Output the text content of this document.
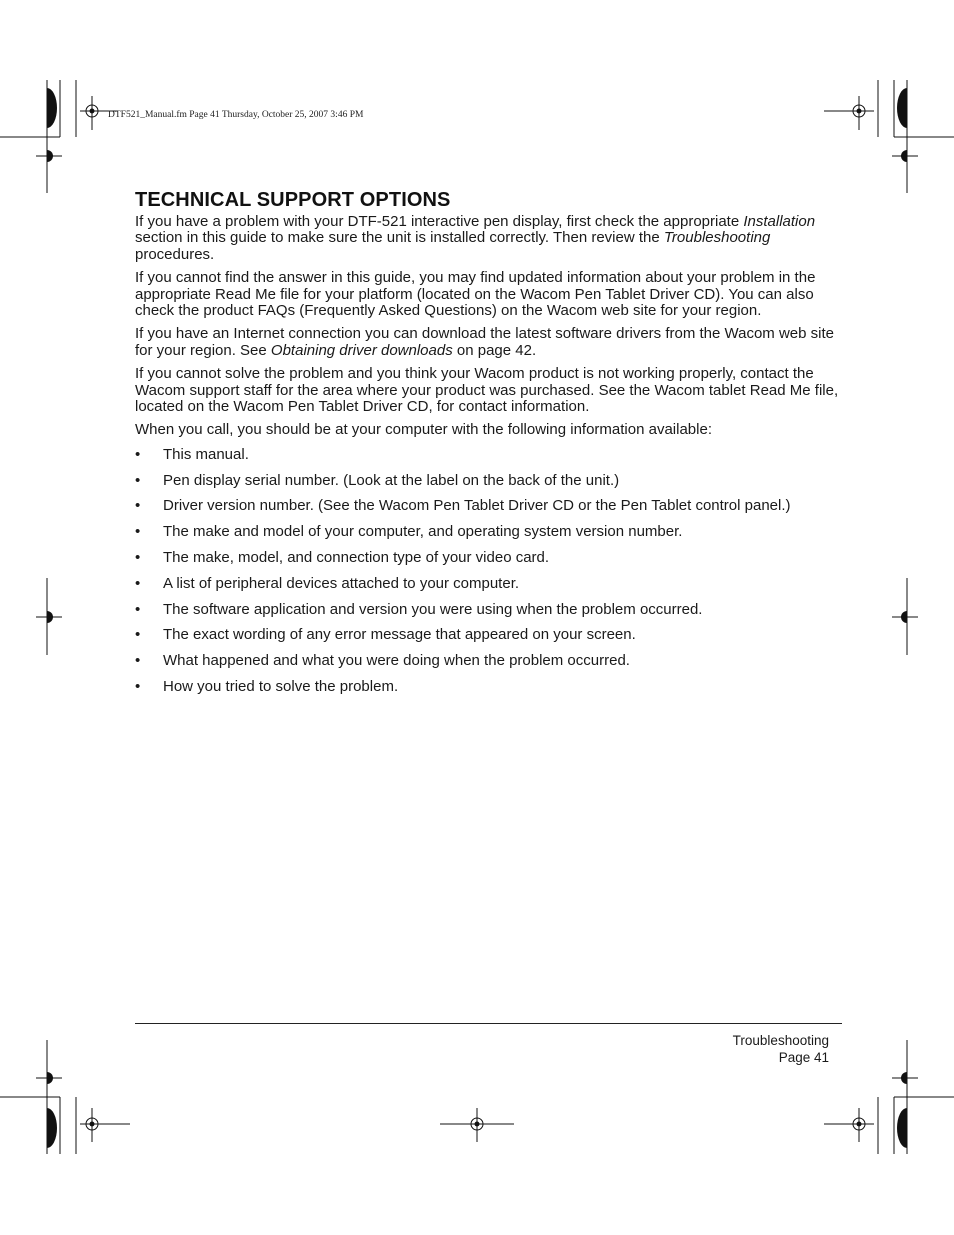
DTF521_Manual.fm Page 41 Thursday, October 25, 2007 3:46 PM
TECHNICAL SUPPORT OPTIONS

If you have a problem with your DTF-521 interactive pen display, first check the appropriate Installation section in this guide to make sure the unit is installed correctly. Then review the Troubleshooting procedures.

If you cannot find the answer in this guide, you may find updated information about your problem in the appropriate Read Me file for your platform (located on the Wacom Pen Tablet Driver CD). You can also check the product FAQs (Frequently Asked Questions) on the Wacom web site for your region.

If you have an Internet connection you can download the latest software drivers from the Wacom web site for your region. See Obtaining driver downloads on page 42.

If you cannot solve the problem and you think your Wacom product is not working properly, contact the Wacom support staff for the area where your product was purchased. See the Wacom tablet Read Me file, located on the Wacom Pen Tablet Driver CD, for contact information.

When you call, you should be at your computer with the following information available:

• This manual.
• Pen display serial number. (Look at the label on the back of the unit.)
• Driver version number. (See the Wacom Pen Tablet Driver CD or the Pen Tablet control panel.)
• The make and model of your computer, and operating system version number.
• The make, model, and connection type of your video card.
• A list of peripheral devices attached to your computer.
• The software application and version you were using when the problem occurred.
• The exact wording of any error message that appeared on your screen.
• What happened and what you were doing when the problem occurred.
• How you tried to solve the problem.
Troubleshooting
Page 41
